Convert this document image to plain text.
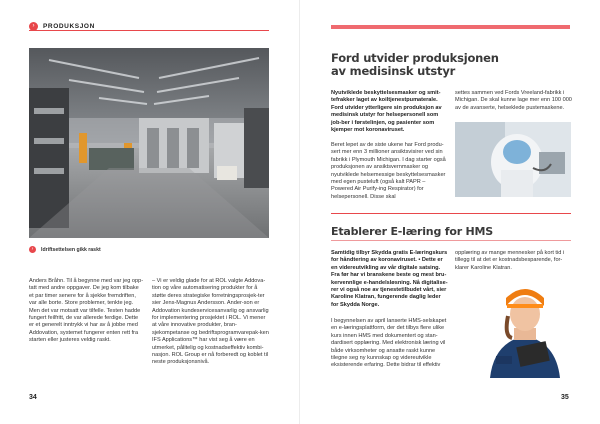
›	PRODUKSJON
›	Idriftsettelsen gikk raskt
Anders Bråhn. Til å begynne med var jeg opp-tatt med andre oppgaver. De jeg kom tilbake et par timer senere for å sjekke fremdriften, var alle borte. Store problemer, tenkte jeg. Men det var motsatt var tilfelle. Testen hadde fungert feilfritt, de var allerede ferdige. Dette er et generelt inntrykk vi har av å jobbe med Addovation, systemet fungerer enten rett fra starten eller justeres veldig raskt.
– Vi er veldig glade for at ROL valgte Addova-tion og våre automatisering produkter for å støtte deres strategiske forretningsprosjek-ter sier Jens-Magnus Andersson. Ander-son er Addovation kundeservicesanvarlig og ansvarlig for implementering prosjektet i ROL. Vi mener at våre innovative produkter, bran-sjekompetanse og bedriftsprogramvarepak-ken IFS Applications™ har vist seg å være en utmerket, pålitelig og kostnadseffektiv kombi-nasjon. ROL Group er nå forberedt og koblet til neste produksjonsnivå.
34
Ford utvider produksjonen
av medisinsk utstyr
Nyutviklede beskyttelsesmasker og smit-tefrakker laget av koiltjenestpumaterale. Ford utvider ytterligere sin produksjon av medisinsk utstyr for helsepersonell som job-ber i førstelinjen, og pasienter som kjemper mot koronaviruset.
Beret lepet av de siste ukene har Ford produ-sert mer enn 3 millioner ansiktsvisirer ved sin fabrikk i Plymouth Michigan. I dag starter også produksjonen av ansiktsvernmasker og nyutviklede helsemessige beskyttelsesmasker med egen pusteluft (også kalt PAPR – Powered Air Purify-ing Respirator) for helsepersonell. Disse skal
settes sammen ved Fords Vreeland-fabrikk i Michigan. De skal kunne lage mer enn 100 000 av de avanserte, helseklede pustemaskene.
Etablerer E-læring for HMS
Samtidig tilbyr Skydda gratis E-læringskurs for håndtering av koronaviruset. • Dette er en videreutvikling av vår digitale satsing. Fra før har vi branskene beste og mest bru-kervennlige e-handelsløsning. Nå digitalise-rer vi også noe av tjenestetilbudet vårt, sier Karoline Klatran, fungerende daglig leder for Skydda Norge.
I begynnelsen av april lanserte HMS-selskapet en e-læringsplattform, der det tilbys flere ulike kurs innen HMS med dokumentert og stan-dardisert opplæring. Med elektronisk læring vil både virksomheter og ansatte raskt kunne tilegne seg ny kunnskap og videreutvikle eksisterende erfaring. Dette bidrar til effektiv
opplæring av mange mennesker på kort tid i tillegg til at det er kostnadsbesparende, for-klarer Karoline Klatran.
35
